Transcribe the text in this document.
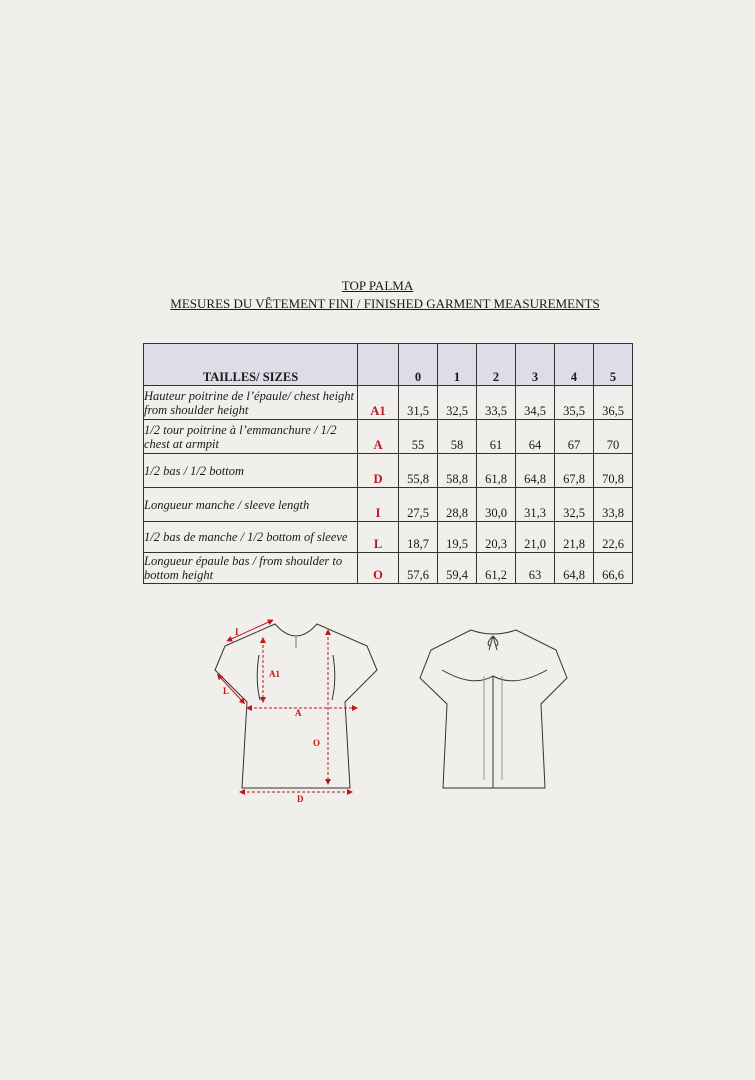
TOP PALMA
MESURES DU VÊTEMENT FINI / FINISHED GARMENT MEASUREMENTS
TAILLES/ SIZES		0	1	2	3	4	5
Hauteur poitrine de l’épaule/ chest height from shoulder height	A1	31,5	32,5	33,5	34,5	35,5	36,5
1/2 tour poitrine à l’emmanchure / 1/2 chest at armpit	A	55	58	61	64	67	70
1/2 bas / 1/2 bottom	D	55,8	58,8	61,8	64,8	67,8	70,8
Longueur manche / sleeve length	I	27,5	28,8	30,0	31,3	32,5	33,8
1/2 bas de manche / 1/2 bottom of sleeve	L	18,7	19,5	20,3	21,0	21,8	22,6
Longueur épaule bas / from shoulder to bottom height	O	57,6	59,4	61,2	63	64,8	66,6
I
L
A1
A
O
D
